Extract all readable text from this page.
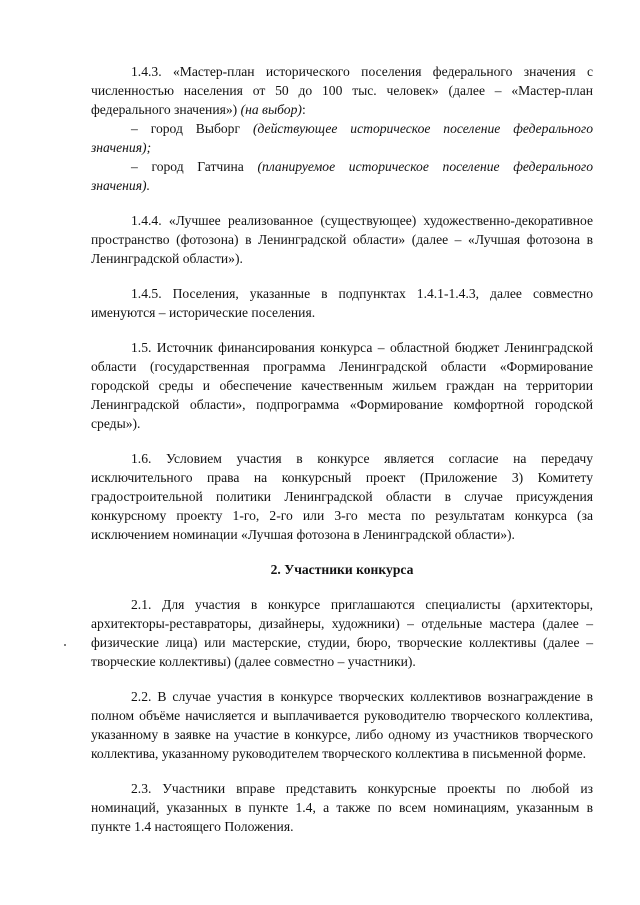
1.4.3. «Мастер-план исторического поселения федерального значения с численностью населения от 50 до 100 тыс. человек» (далее – «Мастер-план федерального значения») (на выбор):

– город Выборг (действующее историческое поселение федерального значения);

– город Гатчина (планируемое историческое поселение федерального значения).

1.4.4. «Лучшее реализованное (существующее) художественно-декоративное пространство (фотозона) в Ленинградской области» (далее – «Лучшая фотозона в Ленинградской области»).

1.4.5. Поселения, указанные в подпунктах 1.4.1-1.4.3, далее совместно именуются – исторические поселения.

1.5. Источник финансирования конкурса – областной бюджет Ленинградской области (государственная программа Ленинградской области «Формирование городской среды и обеспечение качественным жильем граждан на территории Ленинградской области», подпрограмма «Формирование комфортной городской среды»).

1.6. Условием участия в конкурсе является согласие на передачу исключительного права на конкурсный проект (Приложение 3) Комитету градостроительной политики Ленинградской области в случае присуждения конкурсному проекту 1-го, 2-го или 3-го места по результатам конкурса (за исключением номинации «Лучшая фотозона в Ленинградской области»).

2. Участники конкурса

2.1. Для участия в конкурсе приглашаются специалисты (архитекторы, архитекторы-реставраторы, дизайнеры, художники) – отдельные мастера (далее – физические лица) или мастерские, студии, бюро, творческие коллективы (далее – творческие коллективы) (далее совместно – участники).

2.2. В случае участия в конкурсе творческих коллективов вознаграждение в полном объёме начисляется и выплачивается руководителю творческого коллектива, указанному в заявке на участие в конкурсе, либо одному из участников творческого коллектива, указанному руководителем творческого коллектива в письменной форме.

2.3. Участники вправе представить конкурсные проекты по любой из номинаций, указанных в пункте 1.4, а также по всем номинациям, указанным в пункте 1.4 настоящего Положения.
